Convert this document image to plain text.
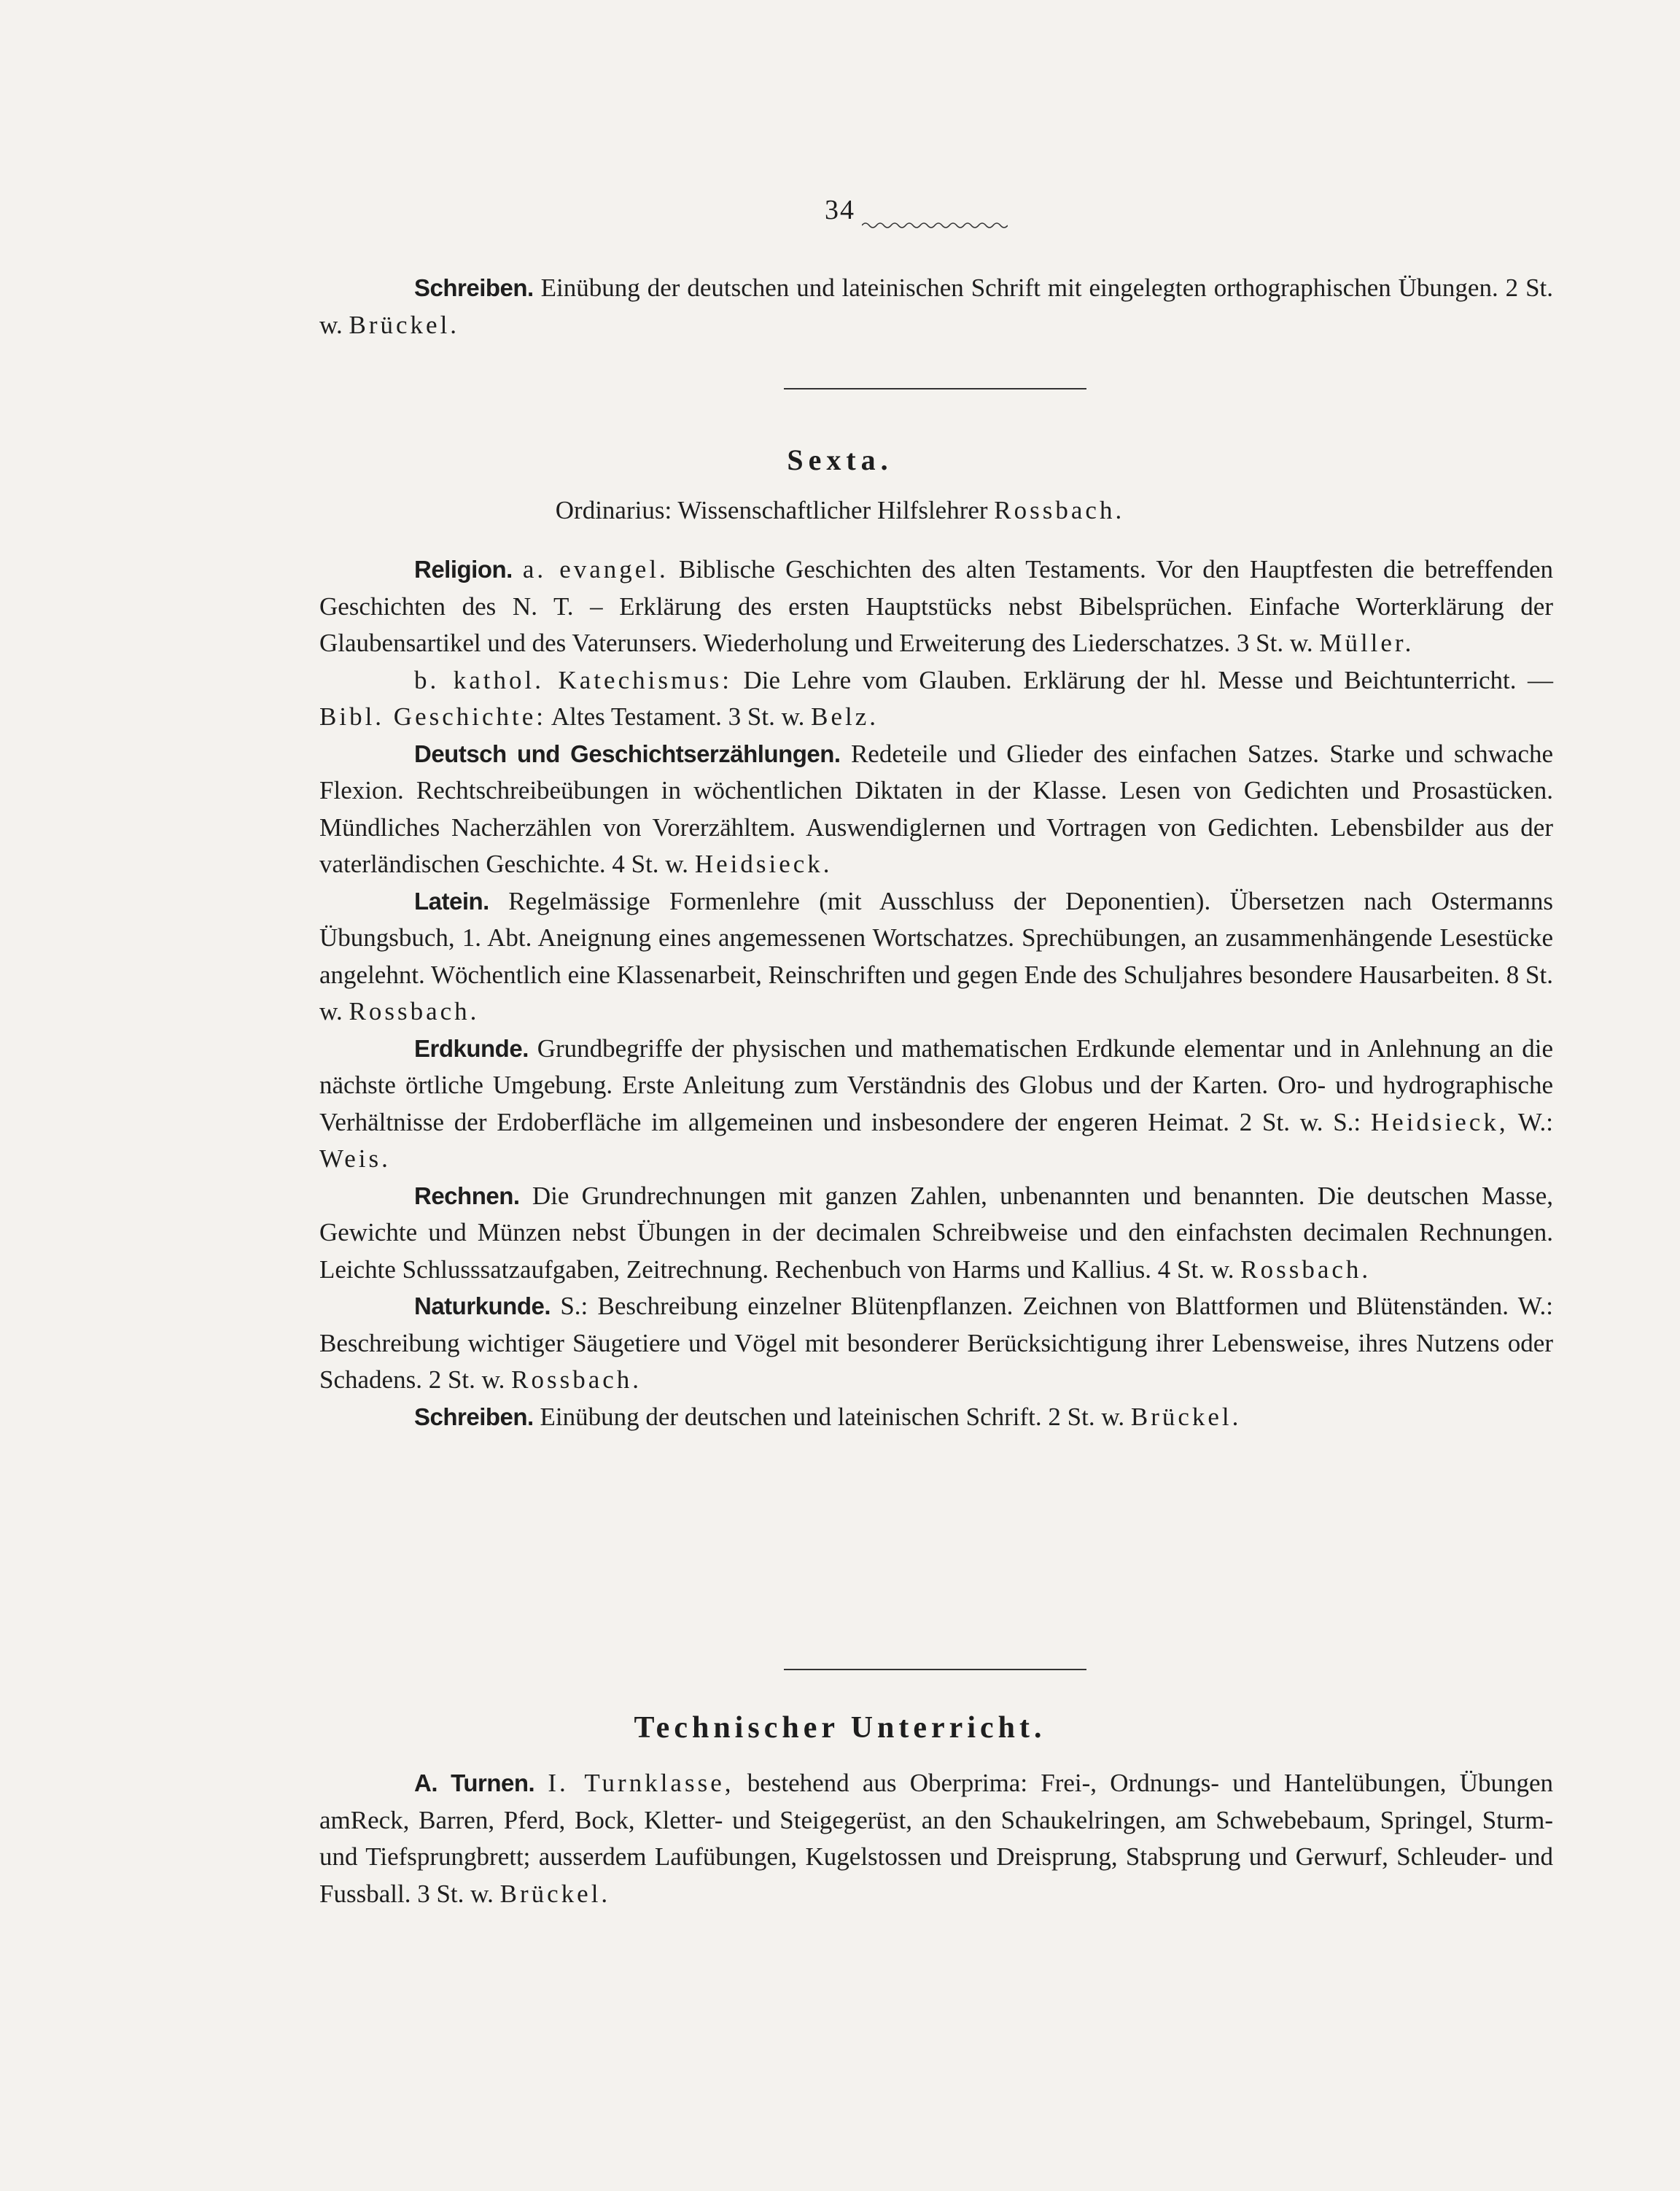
34

Schreiben. Einübung der deutschen und lateinischen Schrift mit eingelegten orthographischen Übungen. 2 St. w. Brückel.

Sexta.
Ordinarius: Wissenschaftlicher Hilfslehrer Rossbach.

Religion. a. evangel. Biblische Geschichten des alten Testaments. Vor den Hauptfesten die betreffenden Geschichten des N. T. – Erklärung des ersten Hauptstücks nebst Bibelsprüchen. Einfache Worterklärung der Glaubensartikel und des Vaterunsers. Wiederholung und Erweiterung des Liederschatzes. 3 St. w. Müller.

b. kathol. Katechismus: Die Lehre vom Glauben. Erklärung der hl. Messe und Beichtunterricht. — Bibl. Geschichte: Altes Testament. 3 St. w. Belz.

Deutsch und Geschichtserzählungen. Redeteile und Glieder des einfachen Satzes. Starke und schwache Flexion. Rechtschreibeübungen in wöchentlichen Diktaten in der Klasse. Lesen von Gedichten und Prosastücken. Mündliches Nacherzählen von Vorerzähltem. Auswendiglernen und Vortragen von Gedichten. Lebensbilder aus der vaterländischen Geschichte. 4 St. w. Heidsieck.

Latein. Regelmässige Formenlehre (mit Ausschluss der Deponentien). Übersetzen nach Ostermanns Übungsbuch, 1. Abt. Aneignung eines angemessenen Wortschatzes. Sprechübungen, an zusammenhängende Lesestücke angelehnt. Wöchentlich eine Klassenarbeit, Reinschriften und gegen Ende des Schuljahres besondere Hausarbeiten. 8 St. w. Rossbach.

Erdkunde. Grundbegriffe der physischen und mathematischen Erdkunde elementar und in Anlehnung an die nächste örtliche Umgebung. Erste Anleitung zum Verständnis des Globus und der Karten. Oro- und hydrographische Verhältnisse der Erdoberfläche im allgemeinen und insbesondere der engeren Heimat. 2 St. w. S.: Heidsieck, W.: Weis.

Rechnen. Die Grundrechnungen mit ganzen Zahlen, unbenannten und benannten. Die deutschen Masse, Gewichte und Münzen nebst Übungen in der decimalen Schreibweise und den einfachsten decimalen Rechnungen. Leichte Schlusssatzaufgaben, Zeitrechnung. Rechenbuch von Harms und Kallius. 4 St. w. Rossbach.

Naturkunde. S.: Beschreibung einzelner Blütenpflanzen. Zeichnen von Blattformen und Blütenständen. W.: Beschreibung wichtiger Säugetiere und Vögel mit besonderer Berücksichtigung ihrer Lebensweise, ihres Nutzens oder Schadens. 2 St. w. Rossbach.

Schreiben. Einübung der deutschen und lateinischen Schrift. 2 St. w. Brückel.

Technischer Unterricht.

A. Turnen. I. Turnklasse, bestehend aus Oberprima: Frei-, Ordnungs- und Hantelübungen, Übungen amReck, Barren, Pferd, Bock, Kletter- und Steigegerüst, an den Schaukelringen, am Schwebebaum, Springel, Sturm- und Tiefsprungbrett; ausserdem Laufübungen, Kugelstossen und Dreisprung, Stabsprung und Gerwurf, Schleuder- und Fussball. 3 St. w. Brückel.
